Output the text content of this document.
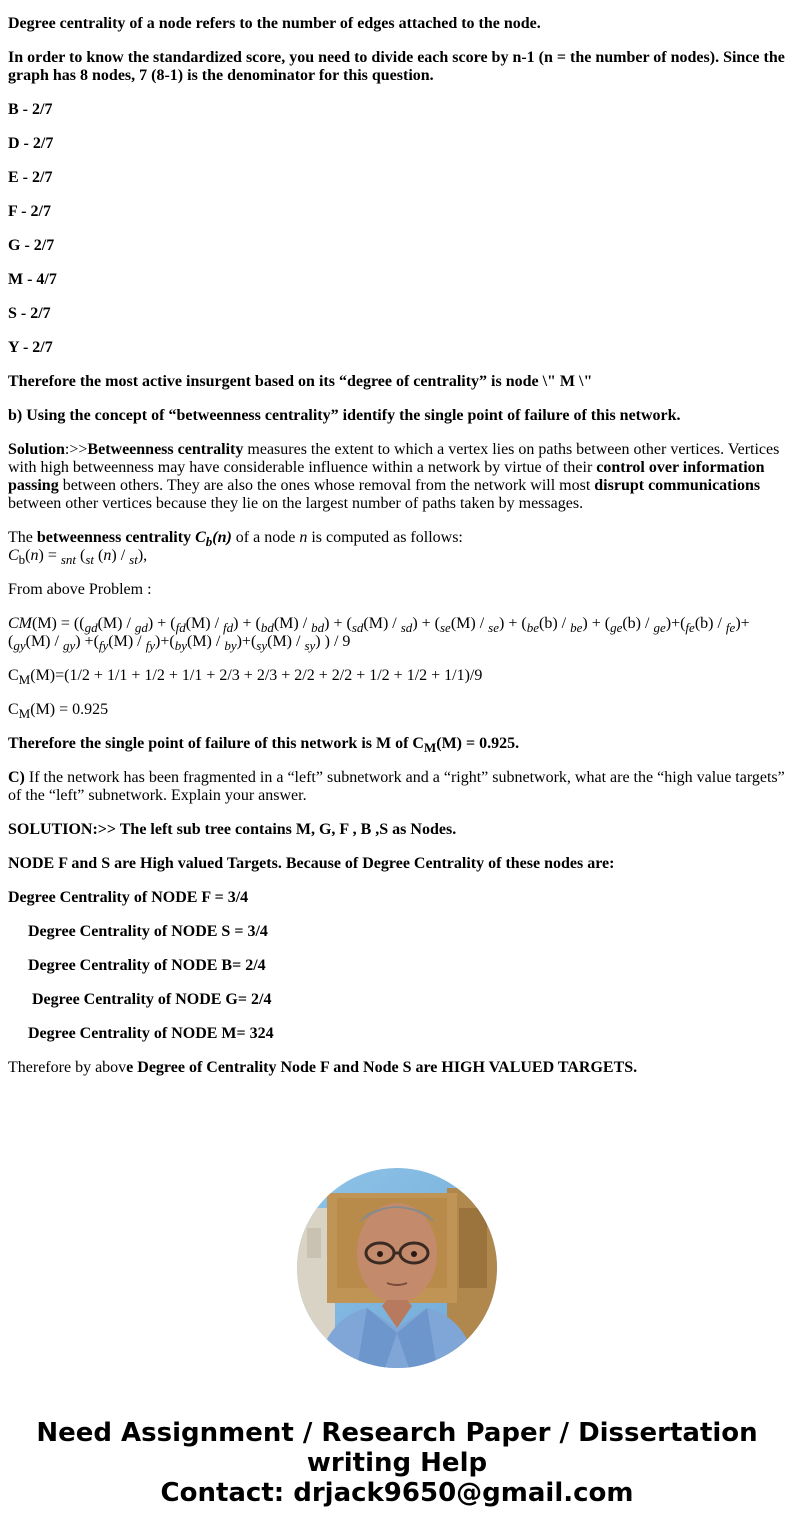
Degree centrality of a node refers to the number of edges attached to the node.

In order to know the standardized score, you need to divide each score by n-1 (n = the number of nodes). Since the graph has 8 nodes, 7 (8-1) is the denominator for this question.

B - 2/7

D - 2/7

E - 2/7

F - 2/7

G - 2/7

M - 4/7

S - 2/7

Y - 2/7

Therefore the most active insurgent based on its “degree of centrality” is node \" M \"

b) Using the concept of “betweenness centrality” identify the single point of failure of this network.

Solution:>>Betweenness centrality measures the extent to which a vertex lies on paths between other vertices. Vertices with high betweenness may have considerable influence within a network by virtue of their control over information passing between others. They are also the ones whose removal from the network will most disrupt communications between other vertices because they lie on the largest number of paths taken by messages.

The betweenness centrality $C_b(n)$ of a node n is computed as follows:
$C_b(n) = _{snt}$ ($_{st}$ (n) / $_{st}$),

From above Problem :

$CM(M) = ((_{gd}(M) / _{gd}) + (_{fd}(M) / _{fd}) + (_{bd}(M) / _{bd}) + (_{sd}(M) / _{sd}) + (_{se}(M) / _{se}) + (_{be}(b) / _{be}) + (_{ge}(b) / _{ge})+(_{fe}(b) / _{fe})+ (_{gy}(M) / _{gy}) +(_{fy}(M) / _{fy})+(_{by}(M) / _{by})+(_{sy}(M) / _{sy})$ ) / 9

$C_M(M)=(1/2 + 1/1 + 1/2 + 1/1 + 2/3 + 2/3 + 2/2 + 2/2 + 1/2 + 1/2 + 1/1)/9$

$C_M(M) = 0.925$

Therefore the single point of failure of this network is M of $C_M(M) = 0.925$.

C) If the network has been fragmented in a “left” subnetwork and a “right” subnetwork, what are the “high value targets” of the “left” subnetwork. Explain your answer.

SOLUTION:>> The left sub tree contains M, G, F , B ,S as Nodes.

NODE F and S are High valued Targets. Because of Degree Centrality of these nodes are:

Degree Centrality of NODE F = 3/4

Degree Centrality of NODE S = 3/4

Degree Centrality of NODE B= 2/4

Degree Centrality of NODE G= 2/4

Degree Centrality of NODE M= 324

Therefore by above Degree of Centrality Node F and Node S are HIGH VALUED TARGETS.

Need Assignment / Research Paper / Dissertation
writing Help
Contact: drjack9650@gmail.com
